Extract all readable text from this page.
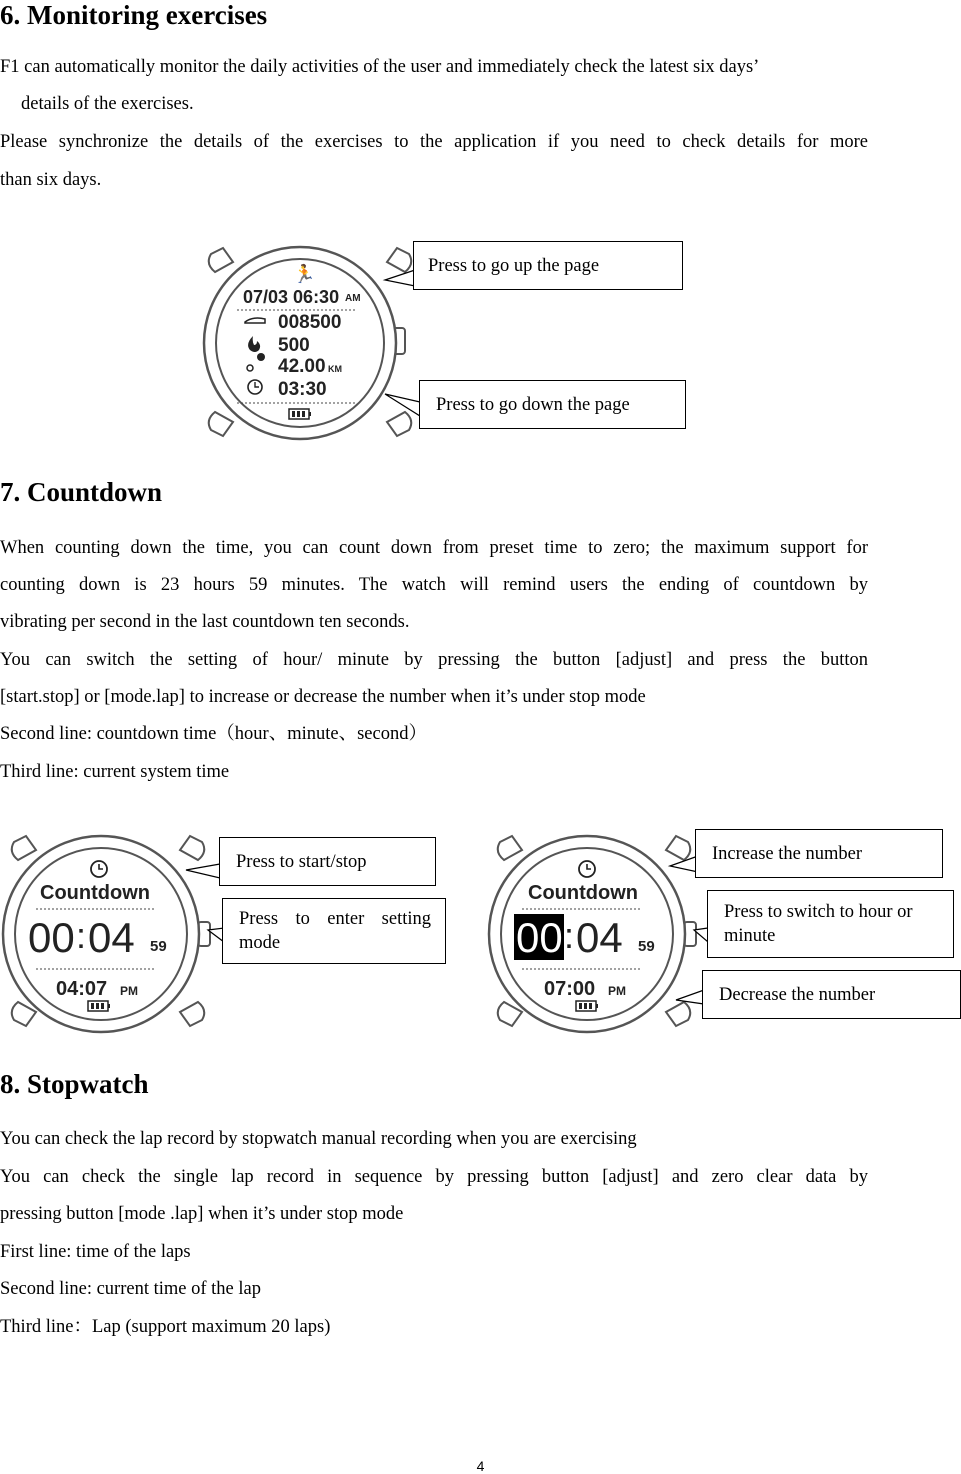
6. Monitoring exercises
F1 can automatically monitor the daily activities of the user and immediately check the latest six days’
details of the exercises.
Please synchronize the details of the exercises to the application if you need to check details for more
than six days.
🏃
07/03 06:30 AM
008500
500
42.00 KM
03:30
Press to go up the page
Press to go down the page
7. Countdown
When counting down the time, you can count down from preset time to zero; the maximum support for
counting down is 23 hours 59 minutes. The watch will remind users the ending of countdown by
vibrating per second in the last countdown ten seconds.
You can switch the setting of hour/ minute by pressing the button [adjust] and press the button
[start.stop] or [mode.lap] to increase or decrease the number when it’s under stop mode
Second line: countdown time（hour、minute、second）
Third line: current system time
Countdown
00 : 04 59
04:07 PM
Press to start/stop
Press to enter setting mode
Countdown
00 : 04 59
07:00 PM
Increase the number
Press to switch to hour or minute
Decrease the number
8. Stopwatch
You can check the lap record by stopwatch manual recording when you are exercising
You can check the single lap record in sequence by pressing button [adjust] and zero clear data by
pressing button [mode .lap] when it’s under stop mode
First line: time of the laps
Second line: current time of the lap
Third line：Lap (support maximum 20 laps)
4
